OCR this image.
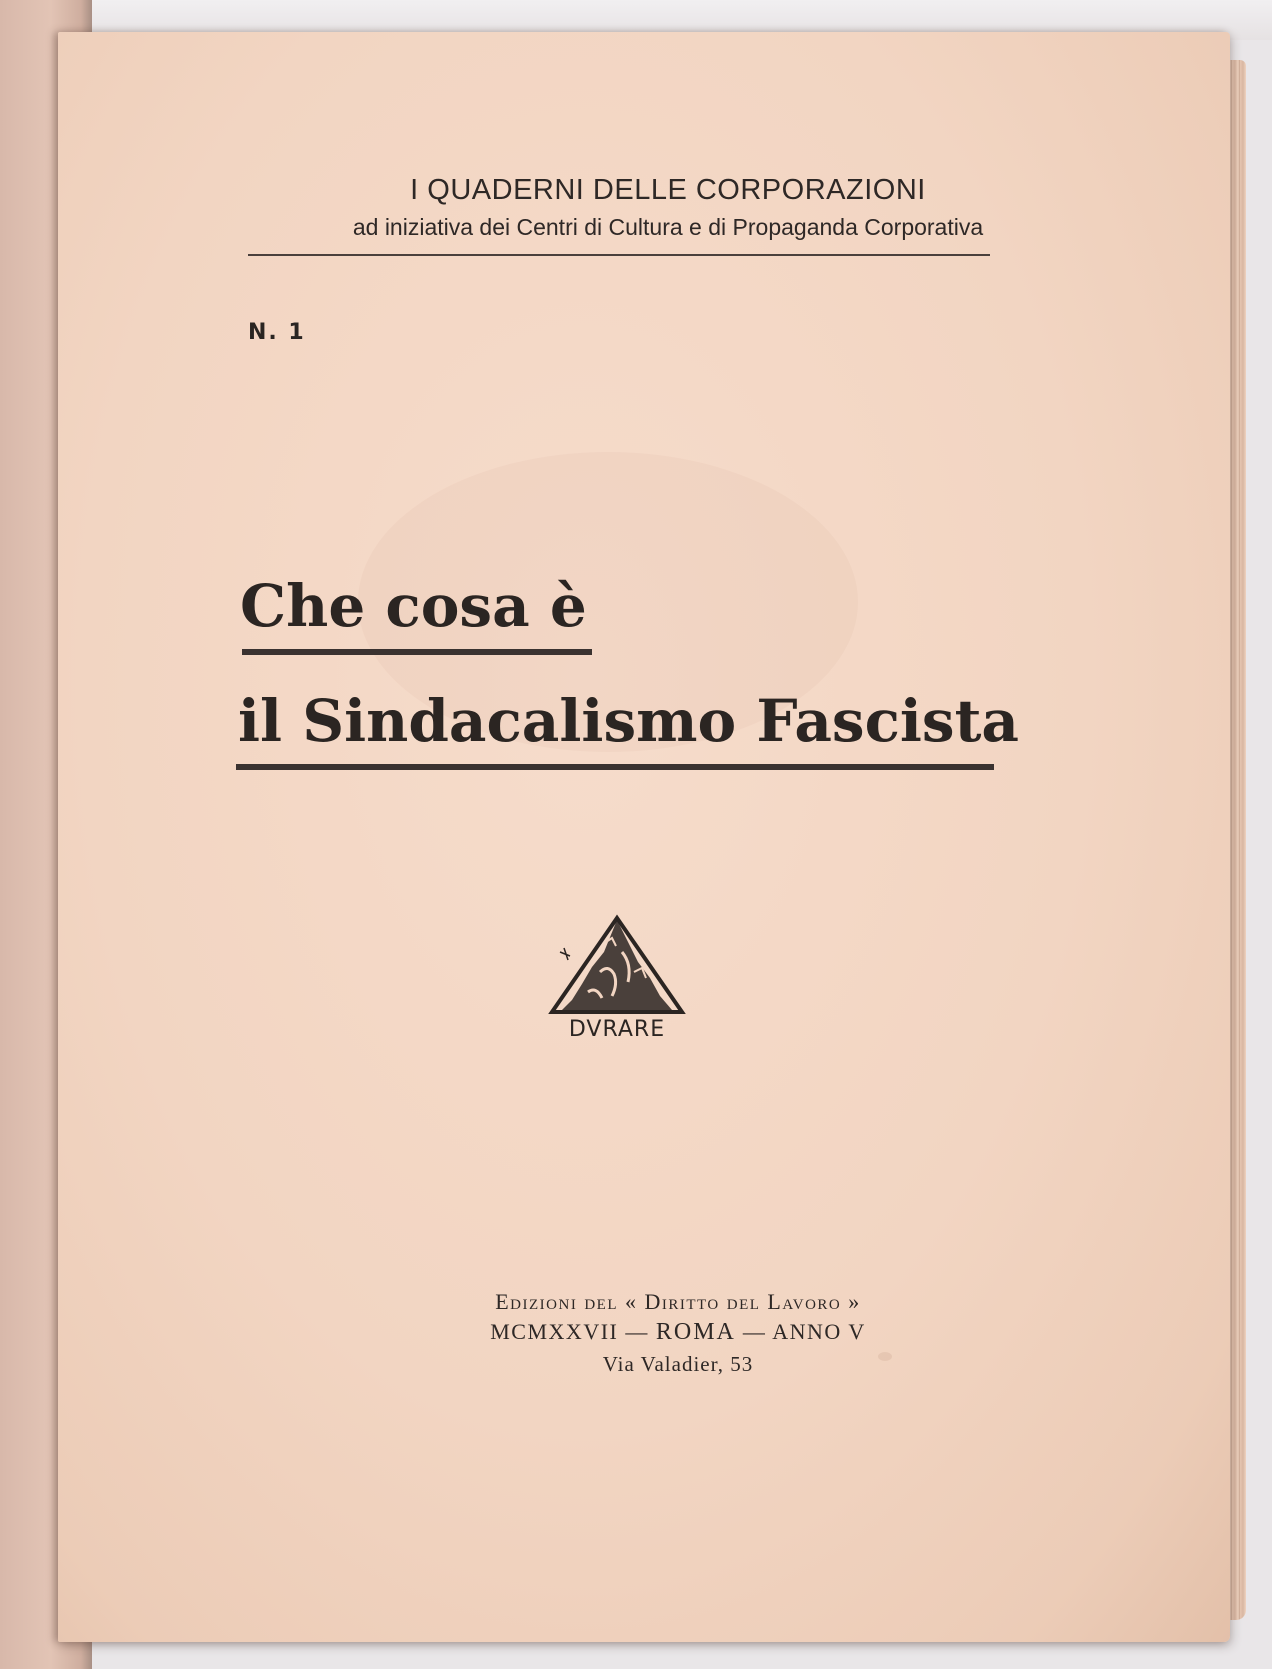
I QUADERNI DELLE CORPORAZIONI
ad iniziativa dei Centri di Cultura e di Propaganda Corporativa
N. 1
Che cosa è
il Sindacalismo Fascista
DVRARE
Edizioni del « Diritto del Lavoro »
MCMXXVII — ROMA — ANNO V
Via Valadier, 53
